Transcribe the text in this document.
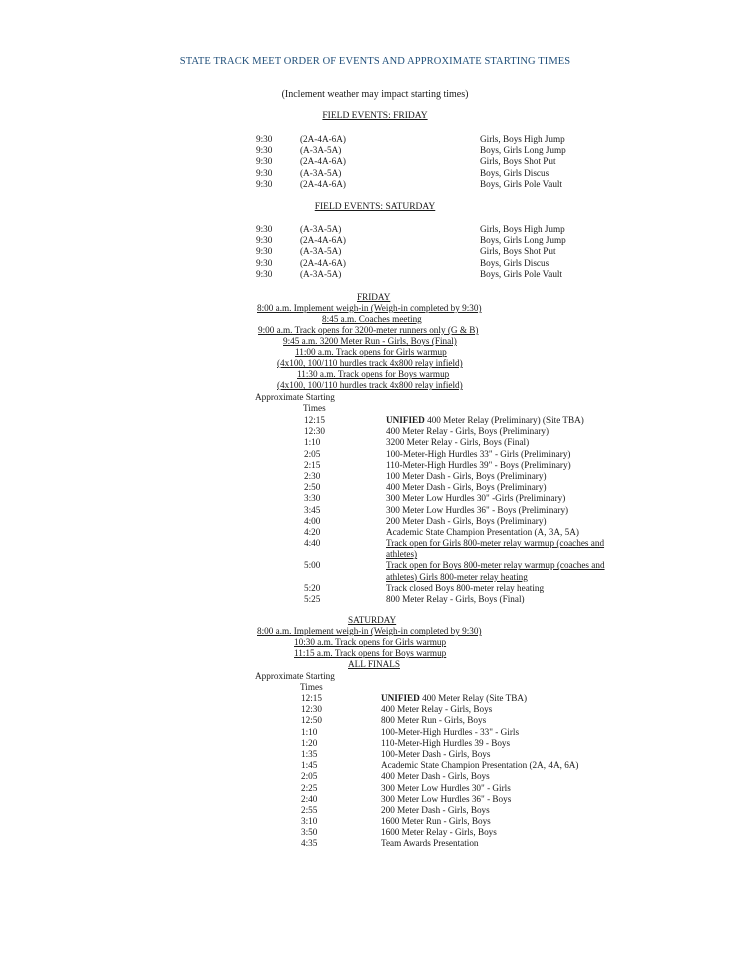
STATE TRACK MEET ORDER OF EVENTS AND APPROXIMATE STARTING TIMES
(Inclement weather may impact starting times)
FIELD EVENTS: FRIDAY
9:30	(2A-4A-6A)	Girls, Boys High Jump
9:30	(A-3A-5A)	Boys, Girls Long Jump
9:30	(2A-4A-6A)	Girls, Boys Shot Put
9:30	(A-3A-5A)	Boys, Girls Discus
9:30	(2A-4A-6A)	Boys, Girls Pole Vault
FIELD EVENTS: SATURDAY
9:30	(A-3A-5A)	Girls, Boys High Jump
9:30	(2A-4A-6A)	Boys, Girls Long Jump
9:30	(A-3A-5A)	Girls, Boys Shot Put
9:30	(2A-4A-6A)	Boys, Girls Discus
9:30	(A-3A-5A)	Boys, Girls Pole Vault
FRIDAY
8:00 a.m. Implement weigh-in (Weigh-in completed by 9:30)
8:45 a.m. Coaches meeting
9:00 a.m. Track opens for 3200-meter runners only (G & B)
9:45 a.m. 3200 Meter Run - Girls, Boys (Final)
11:00 a.m. Track opens for Girls warmup
(4x100, 100/110 hurdles track 4x800 relay infield)
11:30 a.m. Track opens for Boys warmup
(4x100, 100/110 hurdles track 4x800 relay infield)
Approximate Starting
Times
12:15	UNIFIED 400 Meter Relay (Preliminary) (Site TBA)
12:30	400 Meter Relay - Girls, Boys (Preliminary)
1:10	3200 Meter Relay - Girls, Boys (Final)
2:05	100-Meter-High Hurdles 33" - Girls (Preliminary)
2:15	110-Meter-High Hurdles 39" - Boys (Preliminary)
2:30	100 Meter Dash - Girls, Boys (Preliminary)
2:50	400 Meter Dash - Girls, Boys (Preliminary)
3:30	300 Meter Low Hurdles 30" -Girls (Preliminary)
3:45	300 Meter Low Hurdles 36" - Boys (Preliminary)
4:00	200 Meter Dash - Girls, Boys (Preliminary)
4:20	Academic State Champion Presentation (A, 3A, 5A)
4:40	Track open for Girls 800-meter relay warmup (coaches and athletes)
5:00	Track open for Boys 800-meter relay warmup (coaches and athletes) Girls 800-meter relay heating
5:20	Track closed Boys 800-meter relay heating
5:25	800 Meter Relay - Girls, Boys (Final)
SATURDAY
8:00 a.m. Implement weigh-in (Weigh-in completed by 9:30)
10:30 a.m. Track opens for Girls warmup
11:15 a.m. Track opens for Boys warmup
ALL FINALS
Approximate Starting
Times
12:15	UNIFIED 400 Meter Relay (Site TBA)
12:30	400 Meter Relay - Girls, Boys
12:50	800 Meter Run - Girls, Boys
1:10	100-Meter-High Hurdles - 33" - Girls
1:20	110-Meter-High Hurdles 39 - Boys
1:35	100-Meter Dash - Girls, Boys
1:45	Academic State Champion Presentation (2A, 4A, 6A)
2:05	400 Meter Dash - Girls, Boys
2:25	300 Meter Low Hurdles 30" - Girls
2:40	300 Meter Low Hurdles 36" - Boys
2:55	200 Meter Dash - Girls, Boys
3:10	1600 Meter Run - Girls, Boys
3:50	1600 Meter Relay - Girls, Boys
4:35	Team Awards Presentation
